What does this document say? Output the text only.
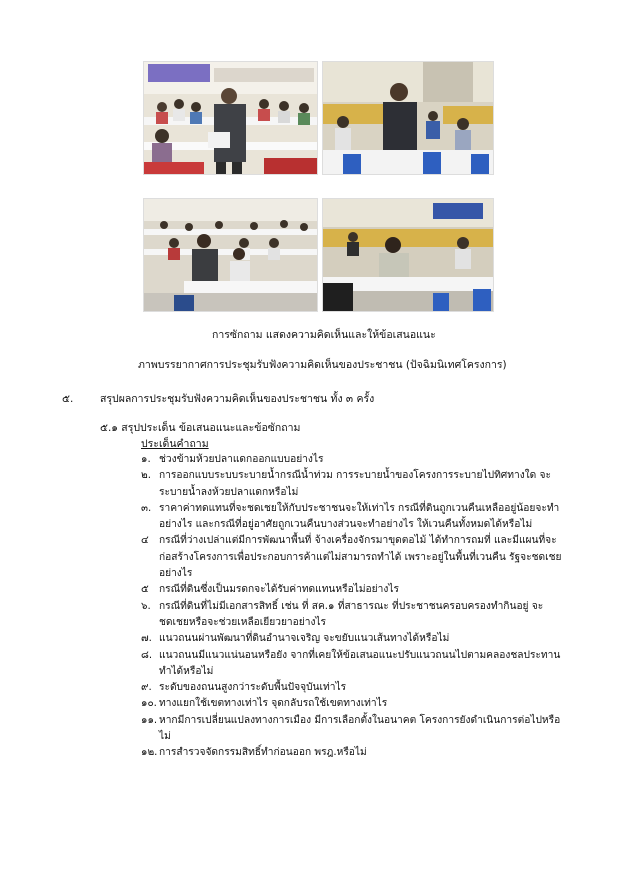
การซักถาม แสดงความคิดเห็นและให้ข้อเสนอแนะ
ภาพบรรยากาศการประชุมรับฟังความคิดเห็นของประชาชน (ปัจฉิมนิเทศโครงการ)
๕.	สรุปผลการประชุมรับฟังความคิดเห็นของประชาชน ทั้ง ๓ ครั้ง
๕.๑ สรุปประเด็น ข้อเสนอแนะและข้อซักถาม
ประเด็นคำถาม
๑. ช่วงข้ามห้วยปลาแดกออกแบบอย่างไร
๒. การออกแบบระบบระบายน้ำกรณีน้ำท่วม การระบายน้ำของโครงการระบายไปทิศทางใด จะระบายน้ำลงห้วยปลาแดกหรือไม่
๓. ราคาค่าทดแทนที่จะชดเชยให้กับประชาชนจะให้เท่าไร กรณีที่ดินถูกเวนคืนเหลืออยู่น้อยจะทำอย่างไร และกรณีที่อยู่อาศัยถูกเวนคืนบางส่วนจะทำอย่างไร ให้เวนคืนทั้งหมดได้หรือไม่
๔ กรณีที่ว่างเปล่าแต่มีการพัฒนาพื้นที่ จ้างเครื่องจักรมาขุดตอไม้ ได้ทำการถมที่ และมีแผนที่จะก่อสร้างโครงการเพื่อประกอบการค้าแต่ไม่สามารถทำได้ เพราะอยู่ในพื้นที่เวนคืน รัฐจะชดเชยอย่างไร
๕ กรณีที่ดินซึ่งเป็นมรดกจะได้รับค่าทดแทนหรือไม่อย่างไร
๖. กรณีที่ดินที่ไม่มีเอกสารสิทธิ์ เช่น ที่ สค.๑ ที่สาธารณะ ที่ประชาชนครอบครองทำกินอยู่ จะชดเชยหรือจะช่วยเหลือเยียวยาอย่างไร
๗. แนวถนนผ่านพัฒนาที่ดินอำนาจเจริญ จะขยับแนวเส้นทางได้หรือไม่
๘. แนวถนนมีแนวแน่นอนหรือยัง จากที่เคยให้ข้อเสนอแนะปรับแนวถนนไปตามคลองชลประทานทำได้หรือไม่
๙. ระดับของถนนสูงกว่าระดับพื้นปัจจุบันเท่าไร
๑๐. ทางแยกใช้เขตทางเท่าไร จุดกลับรถใช้เขตทางเท่าไร
๑๑. หากมีการเปลี่ยนแปลงทางการเมือง มีการเลือกตั้งในอนาคต โครงการยังดำเนินการต่อไปหรือไม่
๑๒. การสำรวจจัดกรรมสิทธิ์ทำก่อนออก พรฎ.หรือไม่
